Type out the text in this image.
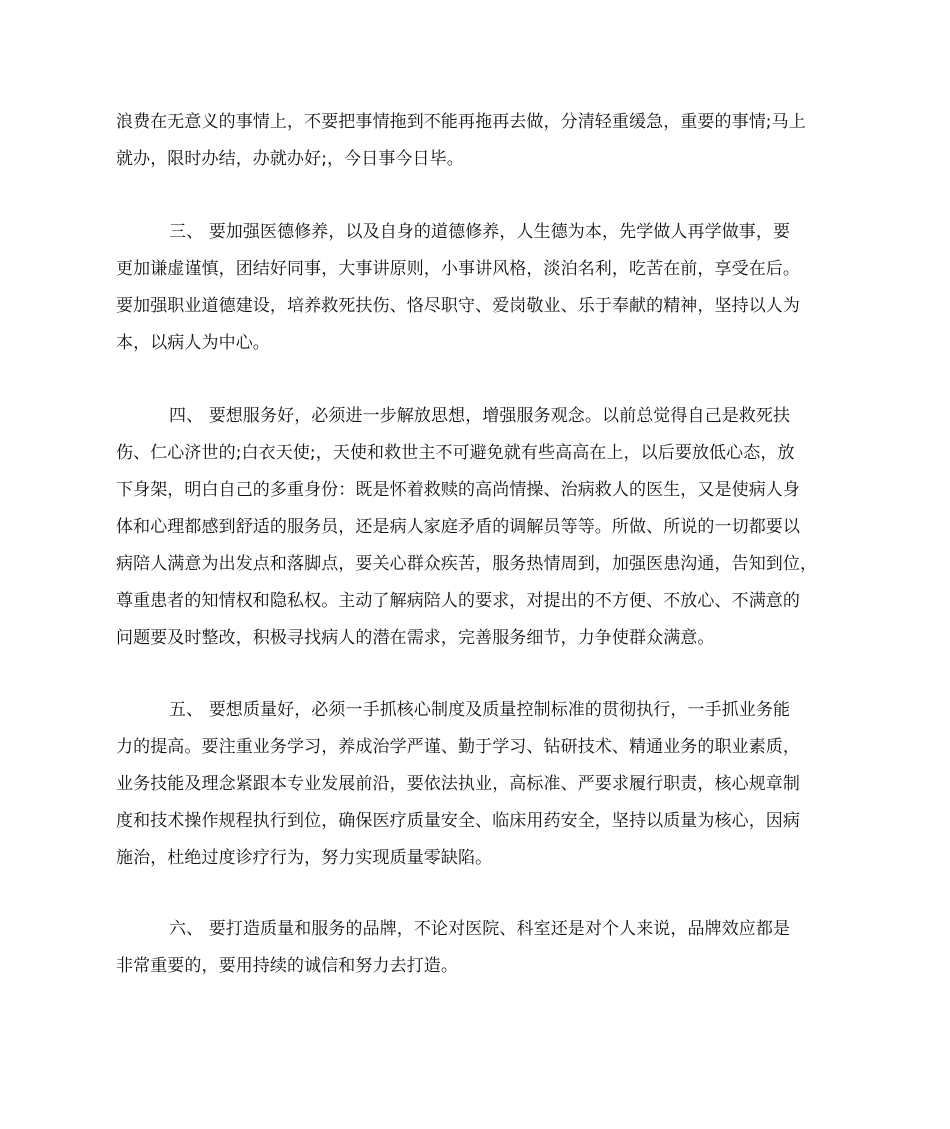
浪费在无意义的事情上，不要把事情拖到不能再拖再去做，分清轻重缓急，重要的事情;马上
就办，限时办结，办就办好;，今日事今日毕。

三、 要加强医德修养，以及自身的道德修养，人生德为本，先学做人再学做事，要
更加谦虚谨慎，团结好同事，大事讲原则，小事讲风格，淡泊名利，吃苦在前，享受在后。
要加强职业道德建设，培养救死扶伤、恪尽职守、爱岗敬业、乐于奉献的精神，坚持以人为
本，以病人为中心。

四、 要想服务好，必须进一步解放思想，增强服务观念。以前总觉得自己是救死扶
伤、仁心济世的;白衣天使;，天使和救世主不可避免就有些高高在上，以后要放低心态，放
下身架，明白自己的多重身份：既是怀着救赎的高尚情操、治病救人的医生，又是使病人身
体和心理都感到舒适的服务员，还是病人家庭矛盾的调解员等等。所做、所说的一切都要以
病陪人满意为出发点和落脚点，要关心群众疾苦，服务热情周到，加强医患沟通，告知到位，
尊重患者的知情权和隐私权。主动了解病陪人的要求，对提出的不方便、不放心、不满意的
问题要及时整改，积极寻找病人的潜在需求，完善服务细节，力争使群众满意。

五、 要想质量好，必须一手抓核心制度及质量控制标准的贯彻执行，一手抓业务能
力的提高。要注重业务学习，养成治学严谨、勤于学习、钻研技术、精通业务的职业素质，
业务技能及理念紧跟本专业发展前沿，要依法执业，高标准、严要求履行职责，核心规章制
度和技术操作规程执行到位，确保医疗质量安全、临床用药安全，坚持以质量为核心，因病
施治，杜绝过度诊疗行为，努力实现质量零缺陷。

六、 要打造质量和服务的品牌，不论对医院、科室还是对个人来说，品牌效应都是
非常重要的，要用持续的诚信和努力去打造。
